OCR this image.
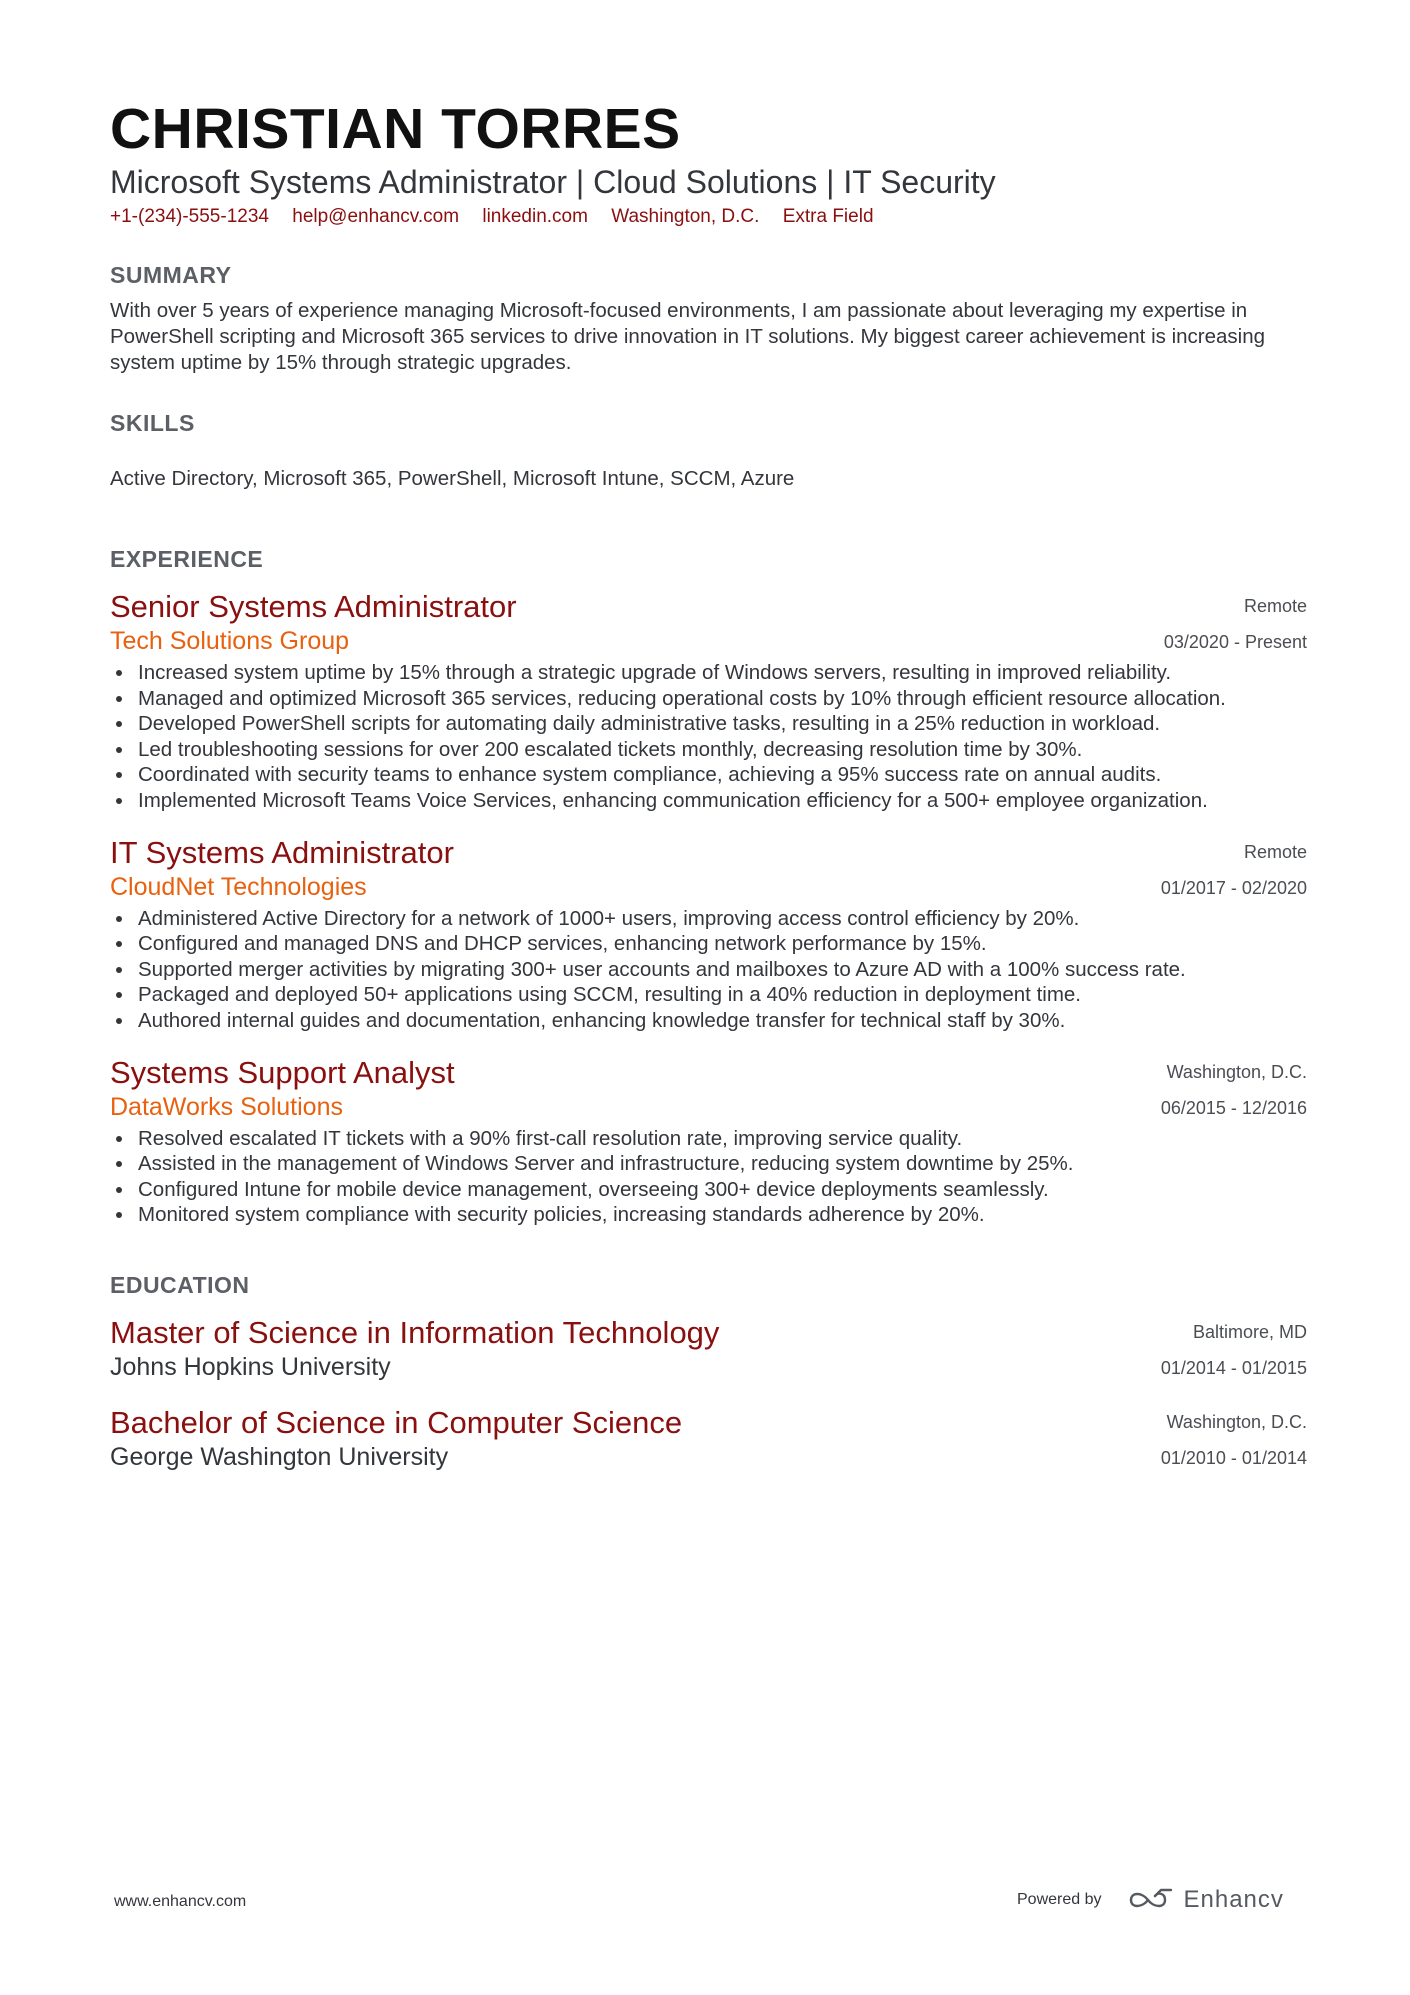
CHRISTIAN TORRES
Microsoft Systems Administrator | Cloud Solutions | IT Security
+1-(234)-555-1234 help@enhancv.com linkedin.com Washington, D.C. Extra Field
SUMMARY
With over 5 years of experience managing Microsoft-focused environments, I am passionate about leveraging my expertise in PowerShell scripting and Microsoft 365 services to drive innovation in IT solutions. My biggest career achievement is increasing system uptime by 15% through strategic upgrades.
SKILLS
Active Directory, Microsoft 365, PowerShell, Microsoft Intune, SCCM, Azure
EXPERIENCE
Senior Systems Administrator
Tech Solutions Group
Remote
03/2020 - Present
Increased system uptime by 15% through a strategic upgrade of Windows servers, resulting in improved reliability.
Managed and optimized Microsoft 365 services, reducing operational costs by 10% through efficient resource allocation.
Developed PowerShell scripts for automating daily administrative tasks, resulting in a 25% reduction in workload.
Led troubleshooting sessions for over 200 escalated tickets monthly, decreasing resolution time by 30%.
Coordinated with security teams to enhance system compliance, achieving a 95% success rate on annual audits.
Implemented Microsoft Teams Voice Services, enhancing communication efficiency for a 500+ employee organization.
IT Systems Administrator
CloudNet Technologies
Remote
01/2017 - 02/2020
Administered Active Directory for a network of 1000+ users, improving access control efficiency by 20%.
Configured and managed DNS and DHCP services, enhancing network performance by 15%.
Supported merger activities by migrating 300+ user accounts and mailboxes to Azure AD with a 100% success rate.
Packaged and deployed 50+ applications using SCCM, resulting in a 40% reduction in deployment time.
Authored internal guides and documentation, enhancing knowledge transfer for technical staff by 30%.
Systems Support Analyst
DataWorks Solutions
Washington, D.C.
06/2015 - 12/2016
Resolved escalated IT tickets with a 90% first-call resolution rate, improving service quality.
Assisted in the management of Windows Server and infrastructure, reducing system downtime by 25%.
Configured Intune for mobile device management, overseeing 300+ device deployments seamlessly.
Monitored system compliance with security policies, increasing standards adherence by 20%.
EDUCATION
Master of Science in Information Technology
Johns Hopkins University
Baltimore, MD
01/2014 - 01/2015
Bachelor of Science in Computer Science
George Washington University
Washington, D.C.
01/2010 - 01/2014
www.enhancv.com	Powered by	Enhancv
